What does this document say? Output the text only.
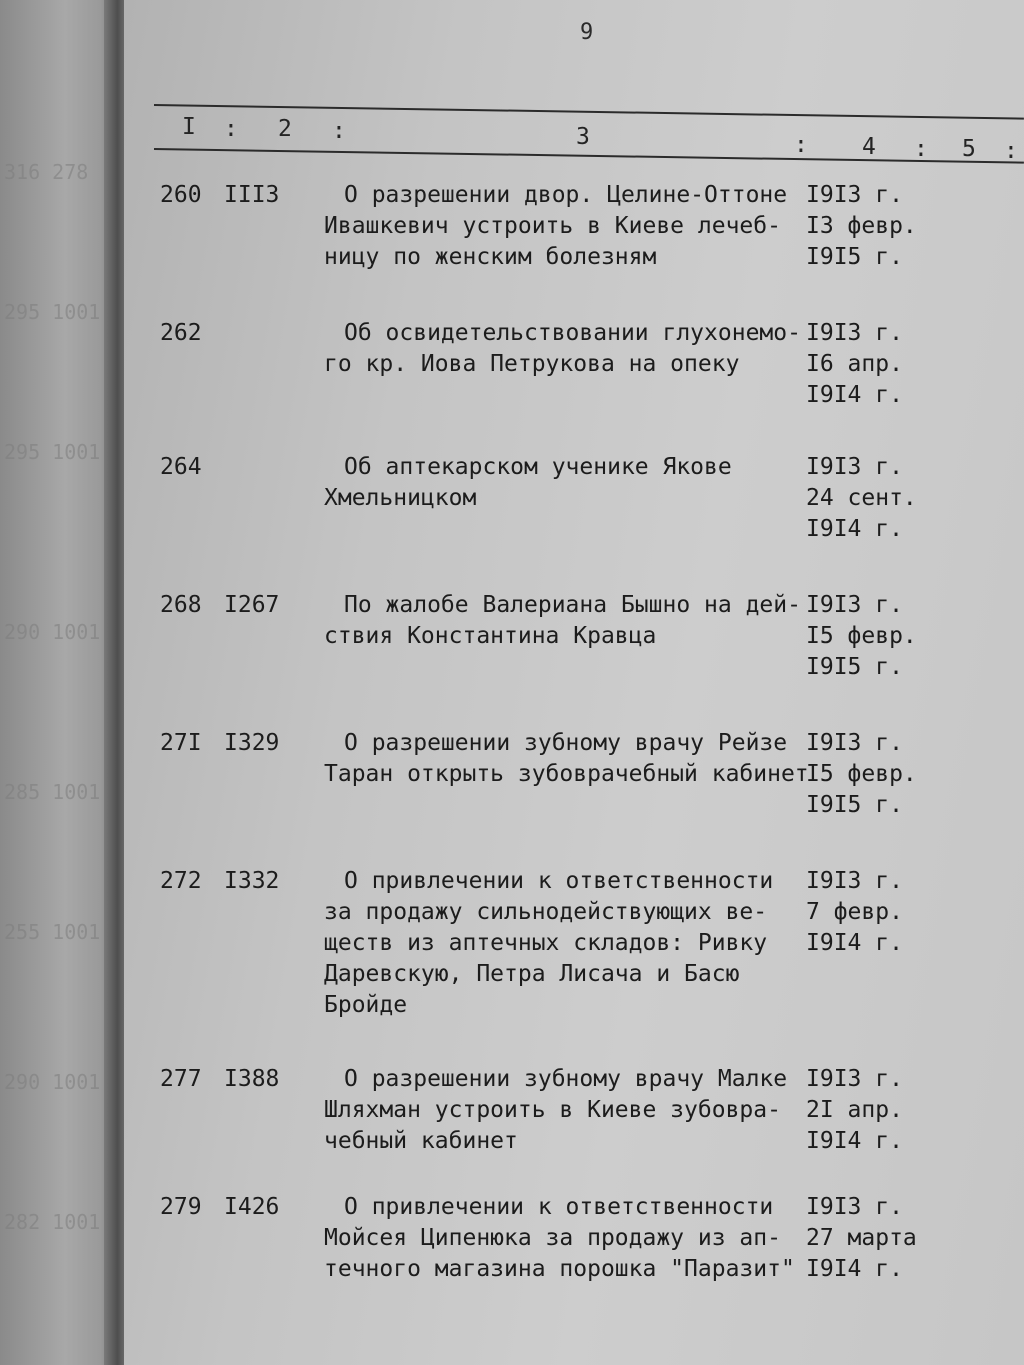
316 278
295 1001
295 1001
290 1001
285 1001
255 1001
290 1001
282 1001
9
I : 2 :	3	: 4 : 5 :
260 III3	О разрешении двор. Целине-Оттоне
Ивашкевич устроить в Киеве лечеб-
ницу по женским болезням
I9I3 г.
I3 февр.
I9I5 г.
262	Об освидетельствовании глухонемо-
го кр. Иова Петрукова на опеку
I9I3 г.
I6 апр.
I9I4 г.
264	Об аптекарском ученике Якове
Хмельницком
I9I3 г.
24 сент.
I9I4 г.
268 I267	По жалобе Валериана Бышно на дей-
ствия Константина Кравца
I9I3 г.
I5 февр.
I9I5 г.
27I I329	О разрешении зубному врачу Рейзе
Таран открыть зубоврачебный кабинет
I9I3 г.
I5 февр.
I9I5 г.
272 I332	О привлечении к ответственности
за продажу сильнодействующих ве-
ществ из аптечных складов: Ривку
Даревскую, Петра Лисача и Басю
Бройде
I9I3 г.
7 февр.
I9I4 г.
277 I388	О разрешении зубному врачу Малке
Шляхман устроить в Киеве зубовра-
чебный кабинет
I9I3 г.
2I апр.
I9I4 г.
279 I426	О привлечении к ответственности
Мойсея Ципенюка за продажу из ап-
течного магазина порошка "Паразит"
I9I3 г.
27 марта
I9I4 г.
